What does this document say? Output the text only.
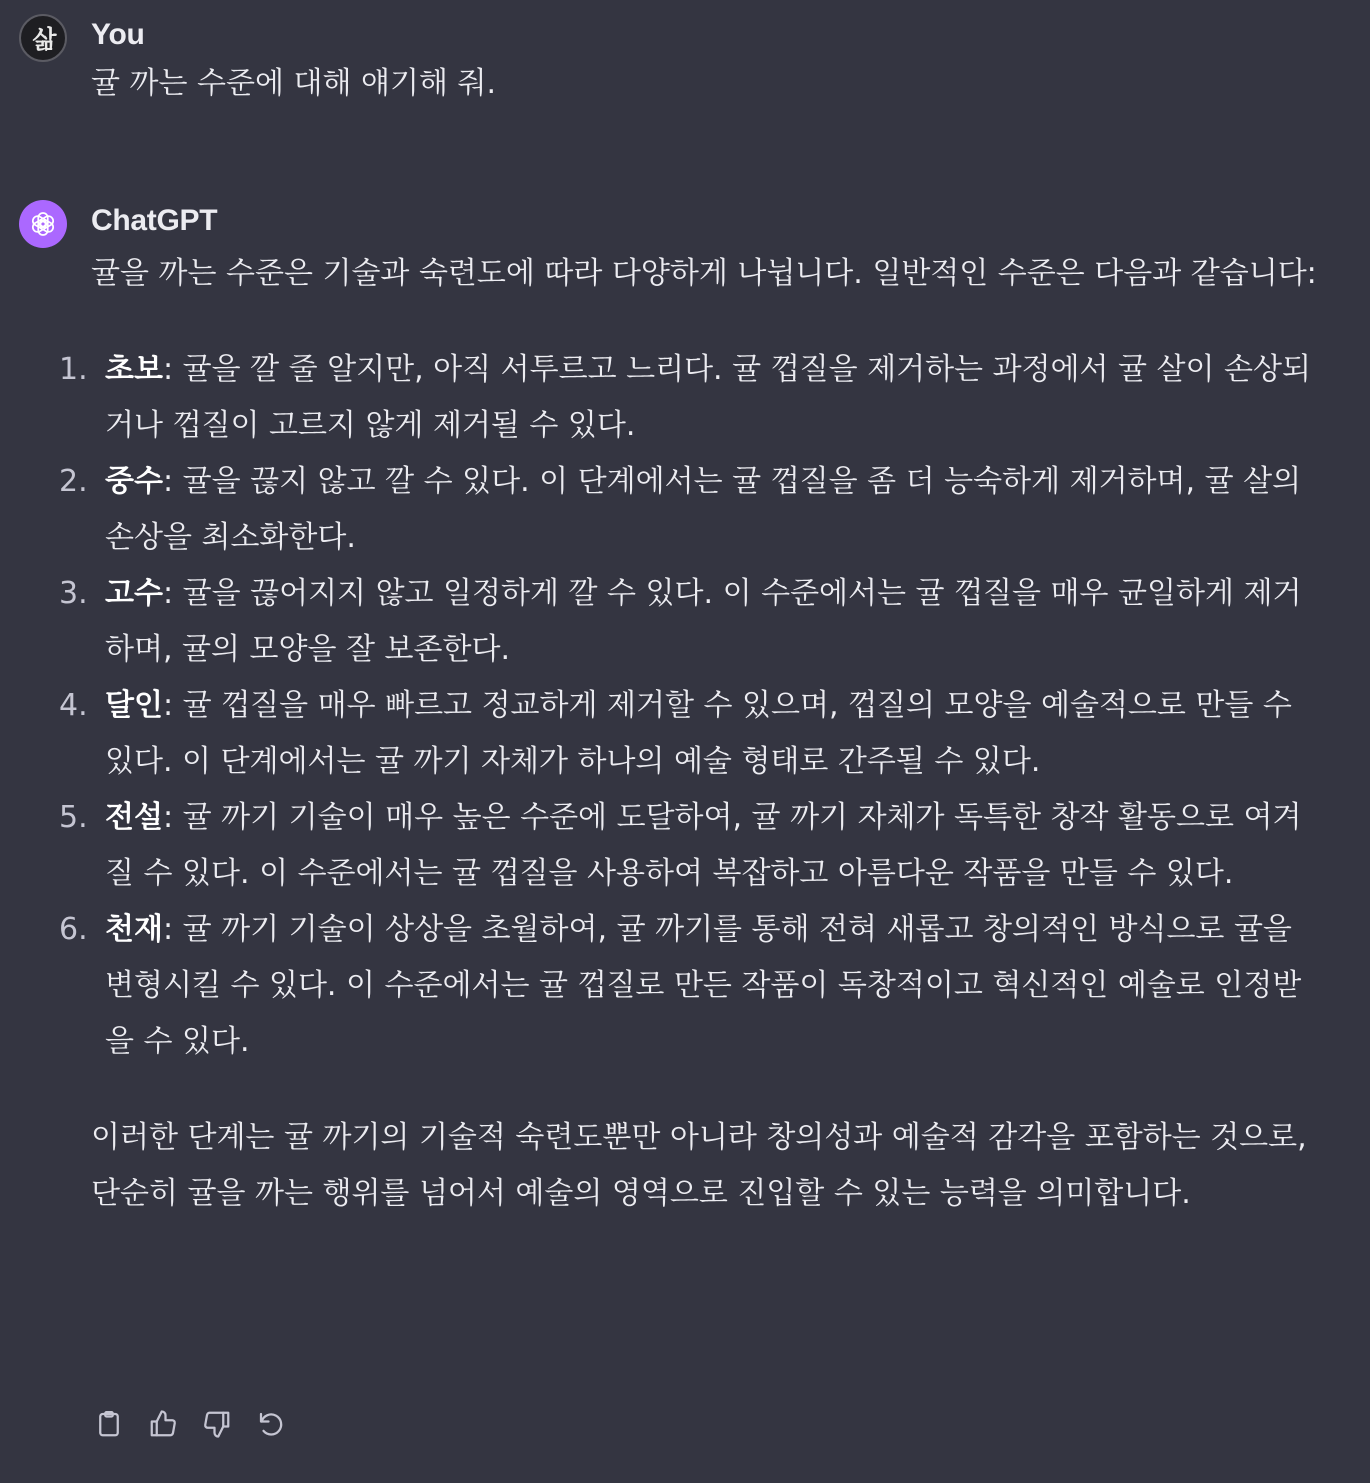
삶 You

귤 까는 수준에 대해 얘기해 줘.

ChatGPT

귤을 까는 수준은 기술과 숙련도에 따라 다양하게 나뉩니다. 일반적인 수준은 다음과 같습니다:

1. 초보: 귤을 깔 줄 알지만, 아직 서투르고 느리다. 귤 껍질을 제거하는 과정에서 귤 살이 손상되거나 껍질이 고르지 않게 제거될 수 있다.
2. 중수: 귤을 끊지 않고 깔 수 있다. 이 단계에서는 귤 껍질을 좀 더 능숙하게 제거하며, 귤 살의 손상을 최소화한다.
3. 고수: 귤을 끊어지지 않고 일정하게 깔 수 있다. 이 수준에서는 귤 껍질을 매우 균일하게 제거하며, 귤의 모양을 잘 보존한다.
4. 달인: 귤 껍질을 매우 빠르고 정교하게 제거할 수 있으며, 껍질의 모양을 예술적으로 만들 수 있다. 이 단계에서는 귤 까기 자체가 하나의 예술 형태로 간주될 수 있다.
5. 전설: 귤 까기 기술이 매우 높은 수준에 도달하여, 귤 까기 자체가 독특한 창작 활동으로 여겨질 수 있다. 이 수준에서는 귤 껍질을 사용하여 복잡하고 아름다운 작품을 만들 수 있다.
6. 천재: 귤 까기 기술이 상상을 초월하여, 귤 까기를 통해 전혀 새롭고 창의적인 방식으로 귤을 변형시킬 수 있다. 이 수준에서는 귤 껍질로 만든 작품이 독창적이고 혁신적인 예술로 인정받을 수 있다.

이러한 단계는 귤 까기의 기술적 숙련도뿐만 아니라 창의성과 예술적 감각을 포함하는 것으로, 단순히 귤을 까는 행위를 넘어서 예술의 영역으로 진입할 수 있는 능력을 의미합니다.
